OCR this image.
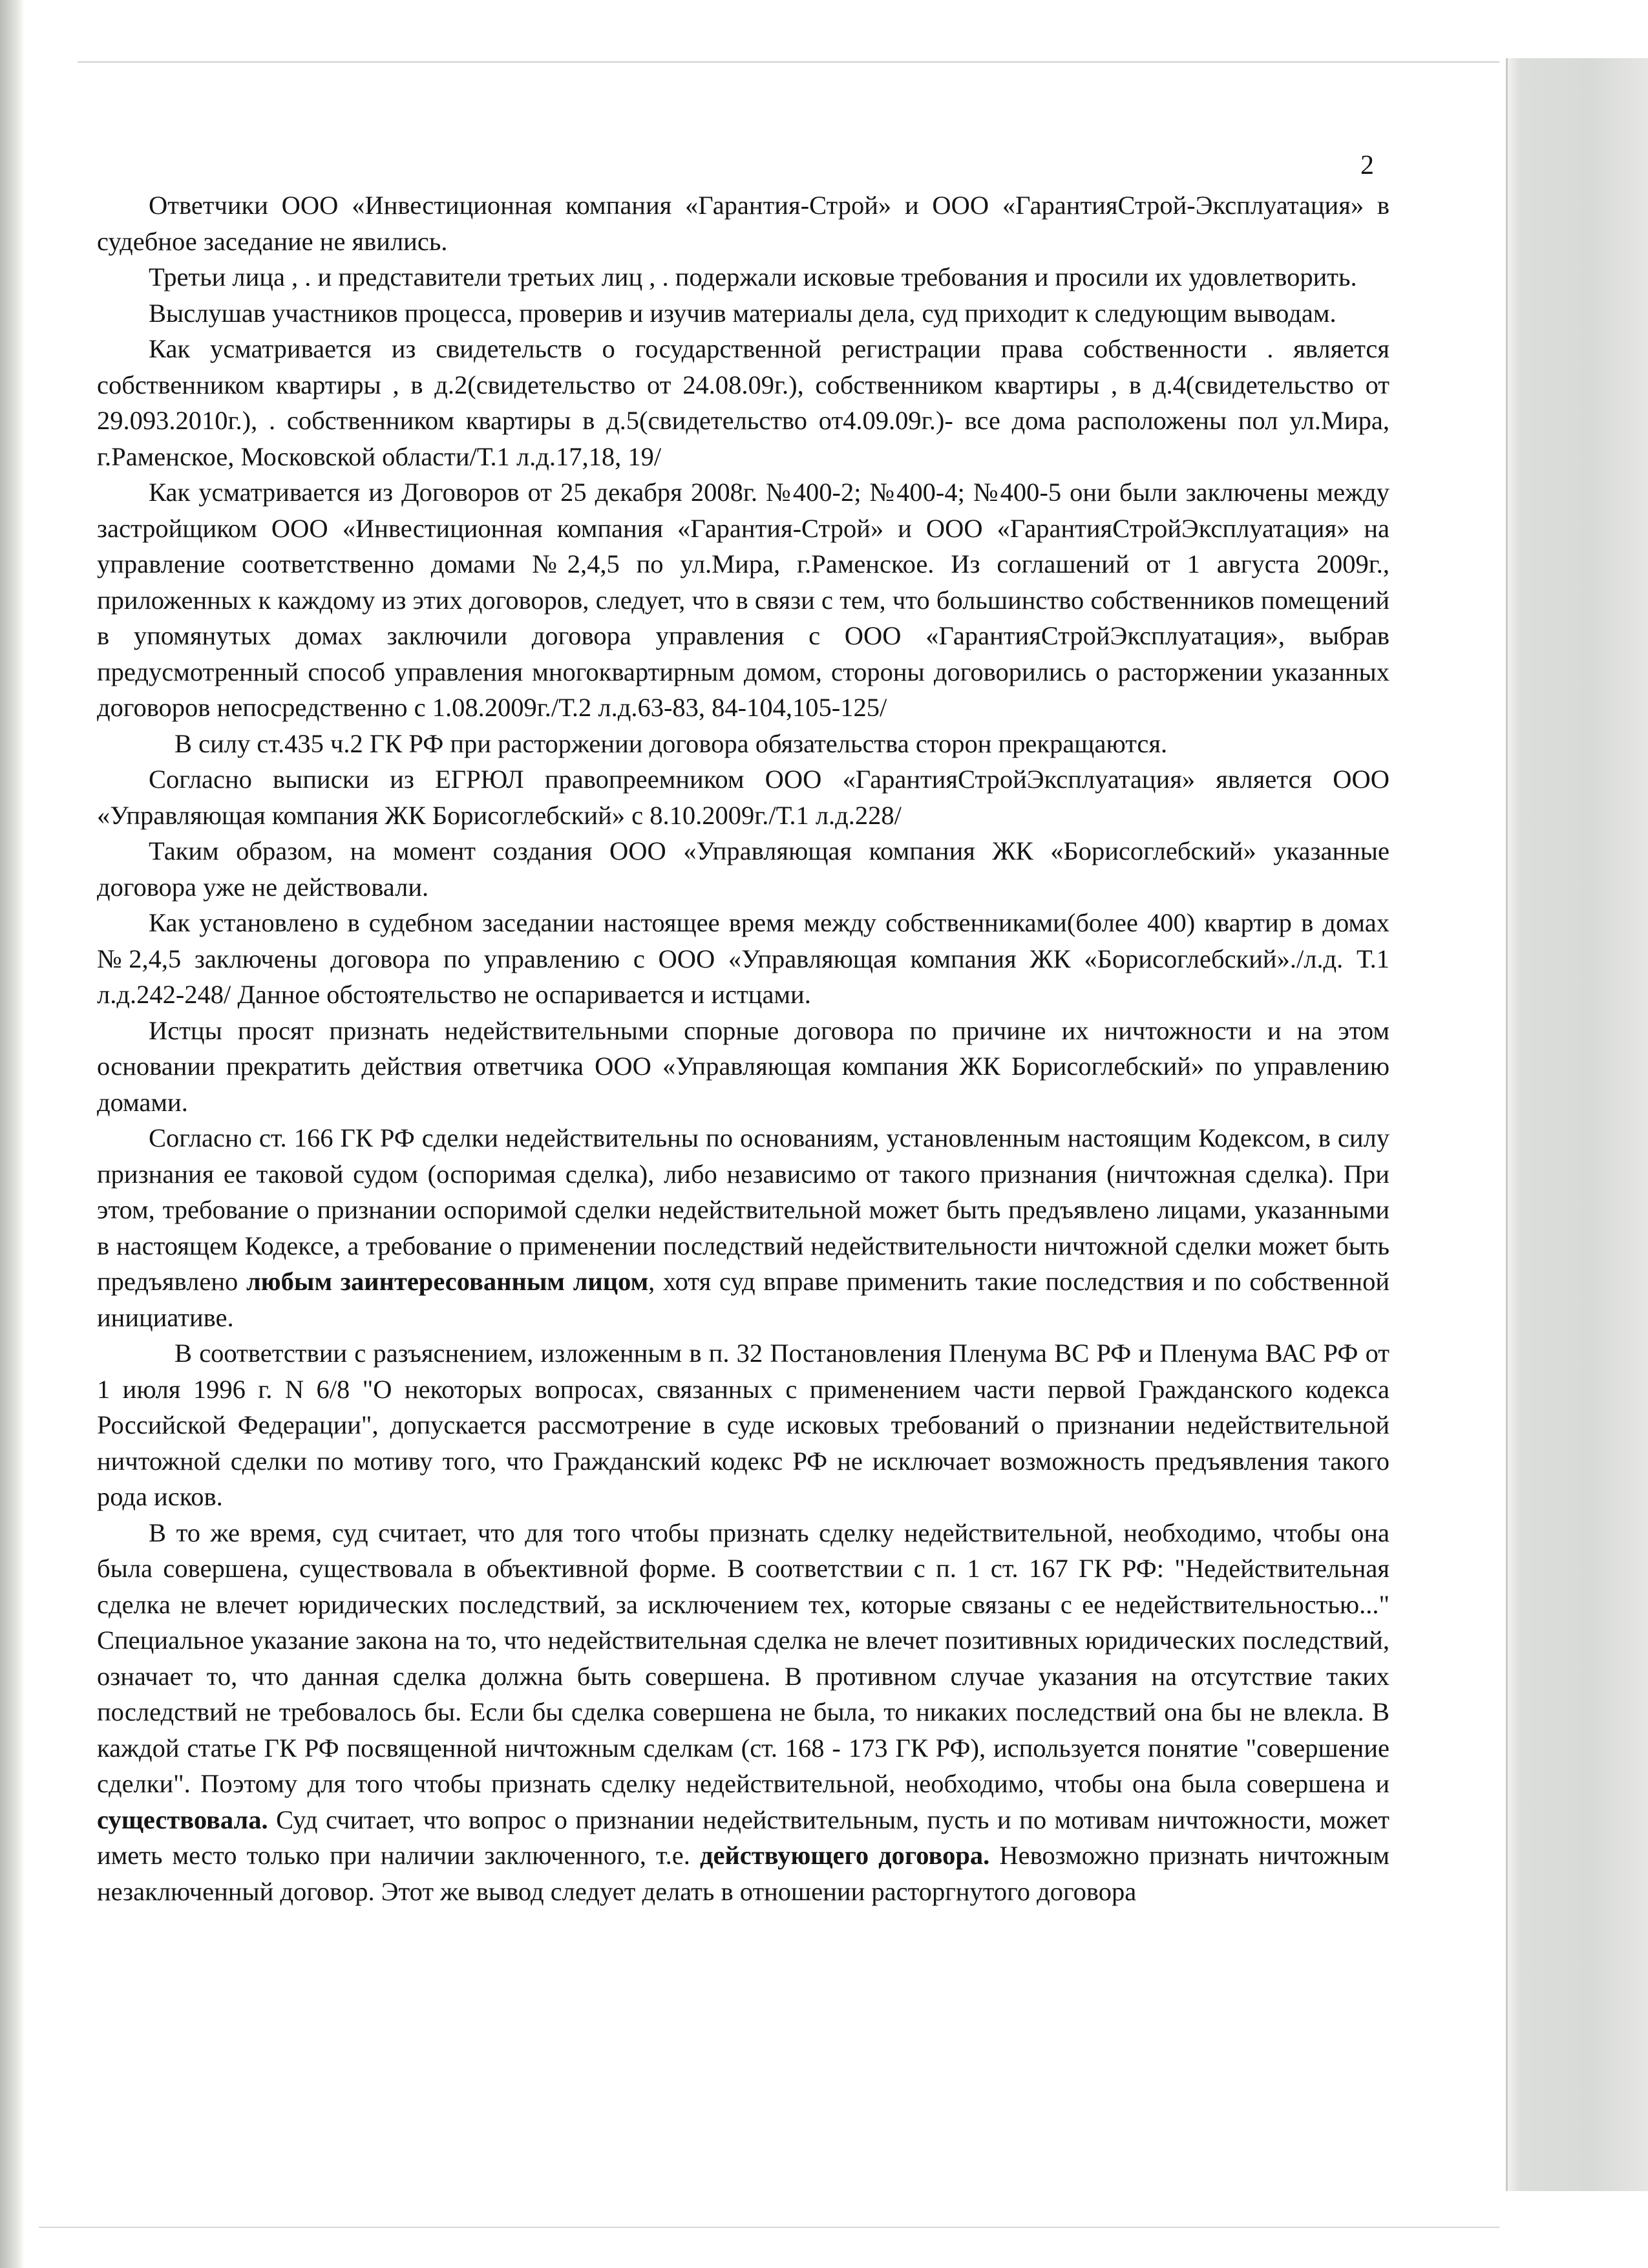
2

Ответчики ООО «Инвестиционная компания «Гарантия-Строй» и ООО «ГарантияСтрой-Эксплуатация» в судебное заседание не явились.

Третьи лица , . и представители третьих лиц , . подержали исковые требования и просили их удовлетворить.

Выслушав участников процесса, проверив и изучив материалы дела, суд приходит к следующим выводам.

Как усматривается из свидетельств о государственной регистрации права собственности . является собственником квартиры , в д.2(свидетельство от 24.08.09г.), собственником квартиры , в д.4(свидетельство от 29.093.2010г.), . собственником квартиры в д.5(свидетельство от4.09.09г.)- все дома расположены пол ул.Мира, г.Раменское, Московской области/Т.1 л.д.17,18, 19/

Как усматривается из Договоров от 25 декабря 2008г. №400-2; №400-4; №400-5 они были заключены между застройщиком ООО «Инвестиционная компания «Гарантия-Строй» и ООО «ГарантияСтройЭксплуатация» на управление соответственно домами №2,4,5 по ул.Мира, г.Раменское. Из соглашений от 1 августа 2009г., приложенных к каждому из этих договоров, следует, что в связи с тем, что большинство собственников помещений в упомянутых домах заключили договора управления с ООО «ГарантияСтройЭксплуатация», выбрав предусмотренный способ управления многоквартирным домом, стороны договорились о расторжении указанных договоров непосредственно с 1.08.2009г./Т.2 л.д.63-83, 84-104,105-125/

В силу ст.435 ч.2 ГК РФ при расторжении договора обязательства сторон прекращаются.

Согласно выписки из ЕГРЮЛ правопреемником ООО «ГарантияСтройЭксплуатация» является ООО «Управляющая компания ЖК Борисоглебский» с 8.10.2009г./Т.1 л.д.228/

Таким образом, на момент создания ООО «Управляющая компания ЖК «Борисоглебский» указанные договора уже не действовали.

Как установлено в судебном заседании настоящее время между собственниками(более 400) квартир в домах №2,4,5 заключены договора по управлению с ООО «Управляющая компания ЖК «Борисоглебский»./л.д. Т.1 л.д.242-248/ Данное обстоятельство не оспаривается и истцами.

Истцы просят признать недействительными спорные договора по причине их ничтожности и на этом основании прекратить действия ответчика ООО «Управляющая компания ЖК Борисоглебский» по управлению домами.

Согласно ст. 166 ГК РФ сделки недействительны по основаниям, установленным настоящим Кодексом, в силу признания ее таковой судом (оспоримая сделка), либо независимо от такого признания (ничтожная сделка). При этом, требование о признании оспоримой сделки недействительной может быть предъявлено лицами, указанными в настоящем Кодексе, а требование о применении последствий недействительности ничтожной сделки может быть предъявлено любым заинтересованным лицом, хотя суд вправе применить такие последствия и по собственной инициативе.

В соответствии с разъяснением, изложенным в п. 32 Постановления Пленума ВС РФ и Пленума ВАС РФ от 1 июля 1996 г. N 6/8 "О некоторых вопросах, связанных с применением части первой Гражданского кодекса Российской Федерации", допускается рассмотрение в суде исковых требований о признании недействительной ничтожной сделки по мотиву того, что Гражданский кодекс РФ не исключает возможность предъявления такого рода исков.

В то же время, суд считает, что для того чтобы признать сделку недействительной, необходимо, чтобы она была совершена, существовала в объективной форме. В соответствии с п. 1 ст. 167 ГК РФ: "Недействительная сделка не влечет юридических последствий, за исключением тех, которые связаны с ее недействительностью..." Специальное указание закона на то, что недействительная сделка не влечет позитивных юридических последствий, означает то, что данная сделка должна быть совершена. В противном случае указания на отсутствие таких последствий не требовалось бы. Если бы сделка совершена не была, то никаких последствий она бы не влекла. В каждой статье ГК РФ посвященной ничтожным сделкам (ст. 168 - 173 ГК РФ), используется понятие "совершение сделки". Поэтому для того чтобы признать сделку недействительной, необходимо, чтобы она была совершена и существовала. Суд считает, что вопрос о признании недействительным, пусть и по мотивам ничтожности, может иметь место только при наличии заключенного, т.е. действующего договора. Невозможно признать ничтожным незаключенный договор. Этот же вывод следует делать в отношении расторгнутого договора
